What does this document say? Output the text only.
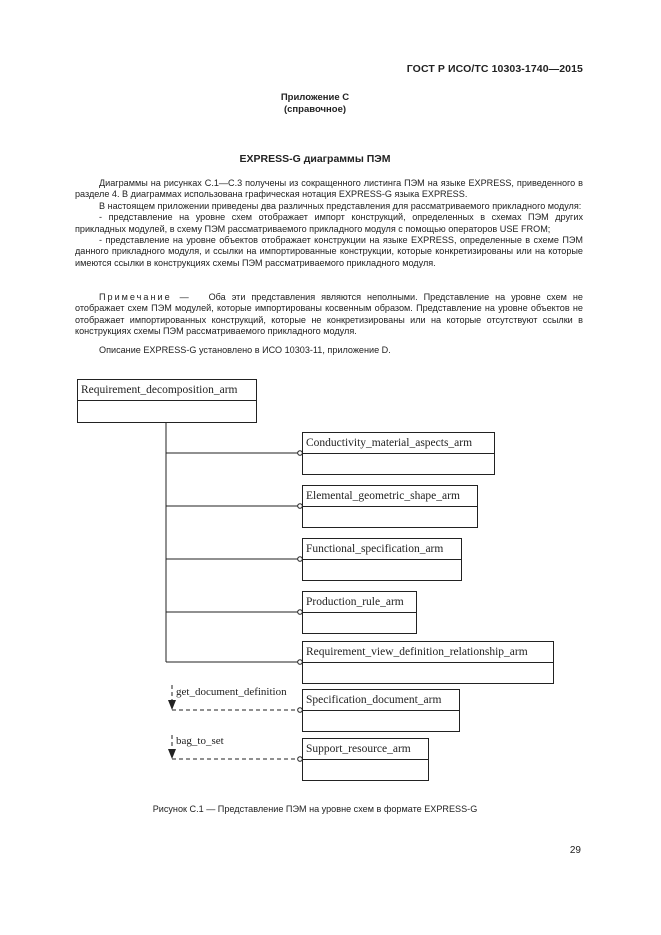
ГОСТ Р ИСО/ТС 10303-1740—2015
Приложение С
(справочное)
EXPRESS-G диаграммы ПЭМ

Диаграммы на рисунках С.1—С.3 получены из сокращенного листинга ПЭМ на языке EXPRESS, приведенного в разделе 4. В диаграммах использована графическая нотация EXPRESS-G языка EXPRESS.

В настоящем приложении приведены два различных представления для рассматриваемого прикладного модуля:

- представление на уровне схем отображает импорт конструкций, определенных в схемах ПЭМ других прикладных модулей, в схему ПЭМ рассматриваемого прикладного модуля с помощью операторов USE FROM;

- представление на уровне объектов отображает конструкции на языке EXPRESS, определенные в схеме ПЭМ данного прикладного модуля, и ссылки на импортированные конструкции, которые конкретизированы или на которые имеются ссылки в конструкциях схемы ПЭМ рассматриваемого прикладного модуля.

Примечание — Оба эти представления являются неполными. Представление на уровне схем не отображает схем ПЭМ модулей, которые импортированы косвенным образом. Представление на уровне объектов не отображает импортированных конструкций, которые не конкретизированы или на которые отсутствуют ссылки в конструкциях схемы ПЭМ рассматриваемого прикладного модуля.

Описание EXPRESS-G установлено в ИСО 10303-11, приложение D.

Requirement_decomposition_arm
Conductivity_material_aspects_arm
Elemental_geometric_shape_arm
Functional_specification_arm
Production_rule_arm
Requirement_view_definition_relationship_arm
Specification_document_arm
Support_resource_arm
get_document_definition
bag_to_set
Рисунок С.1 — Представление ПЭМ на уровне схем в формате EXPRESS-G
29
